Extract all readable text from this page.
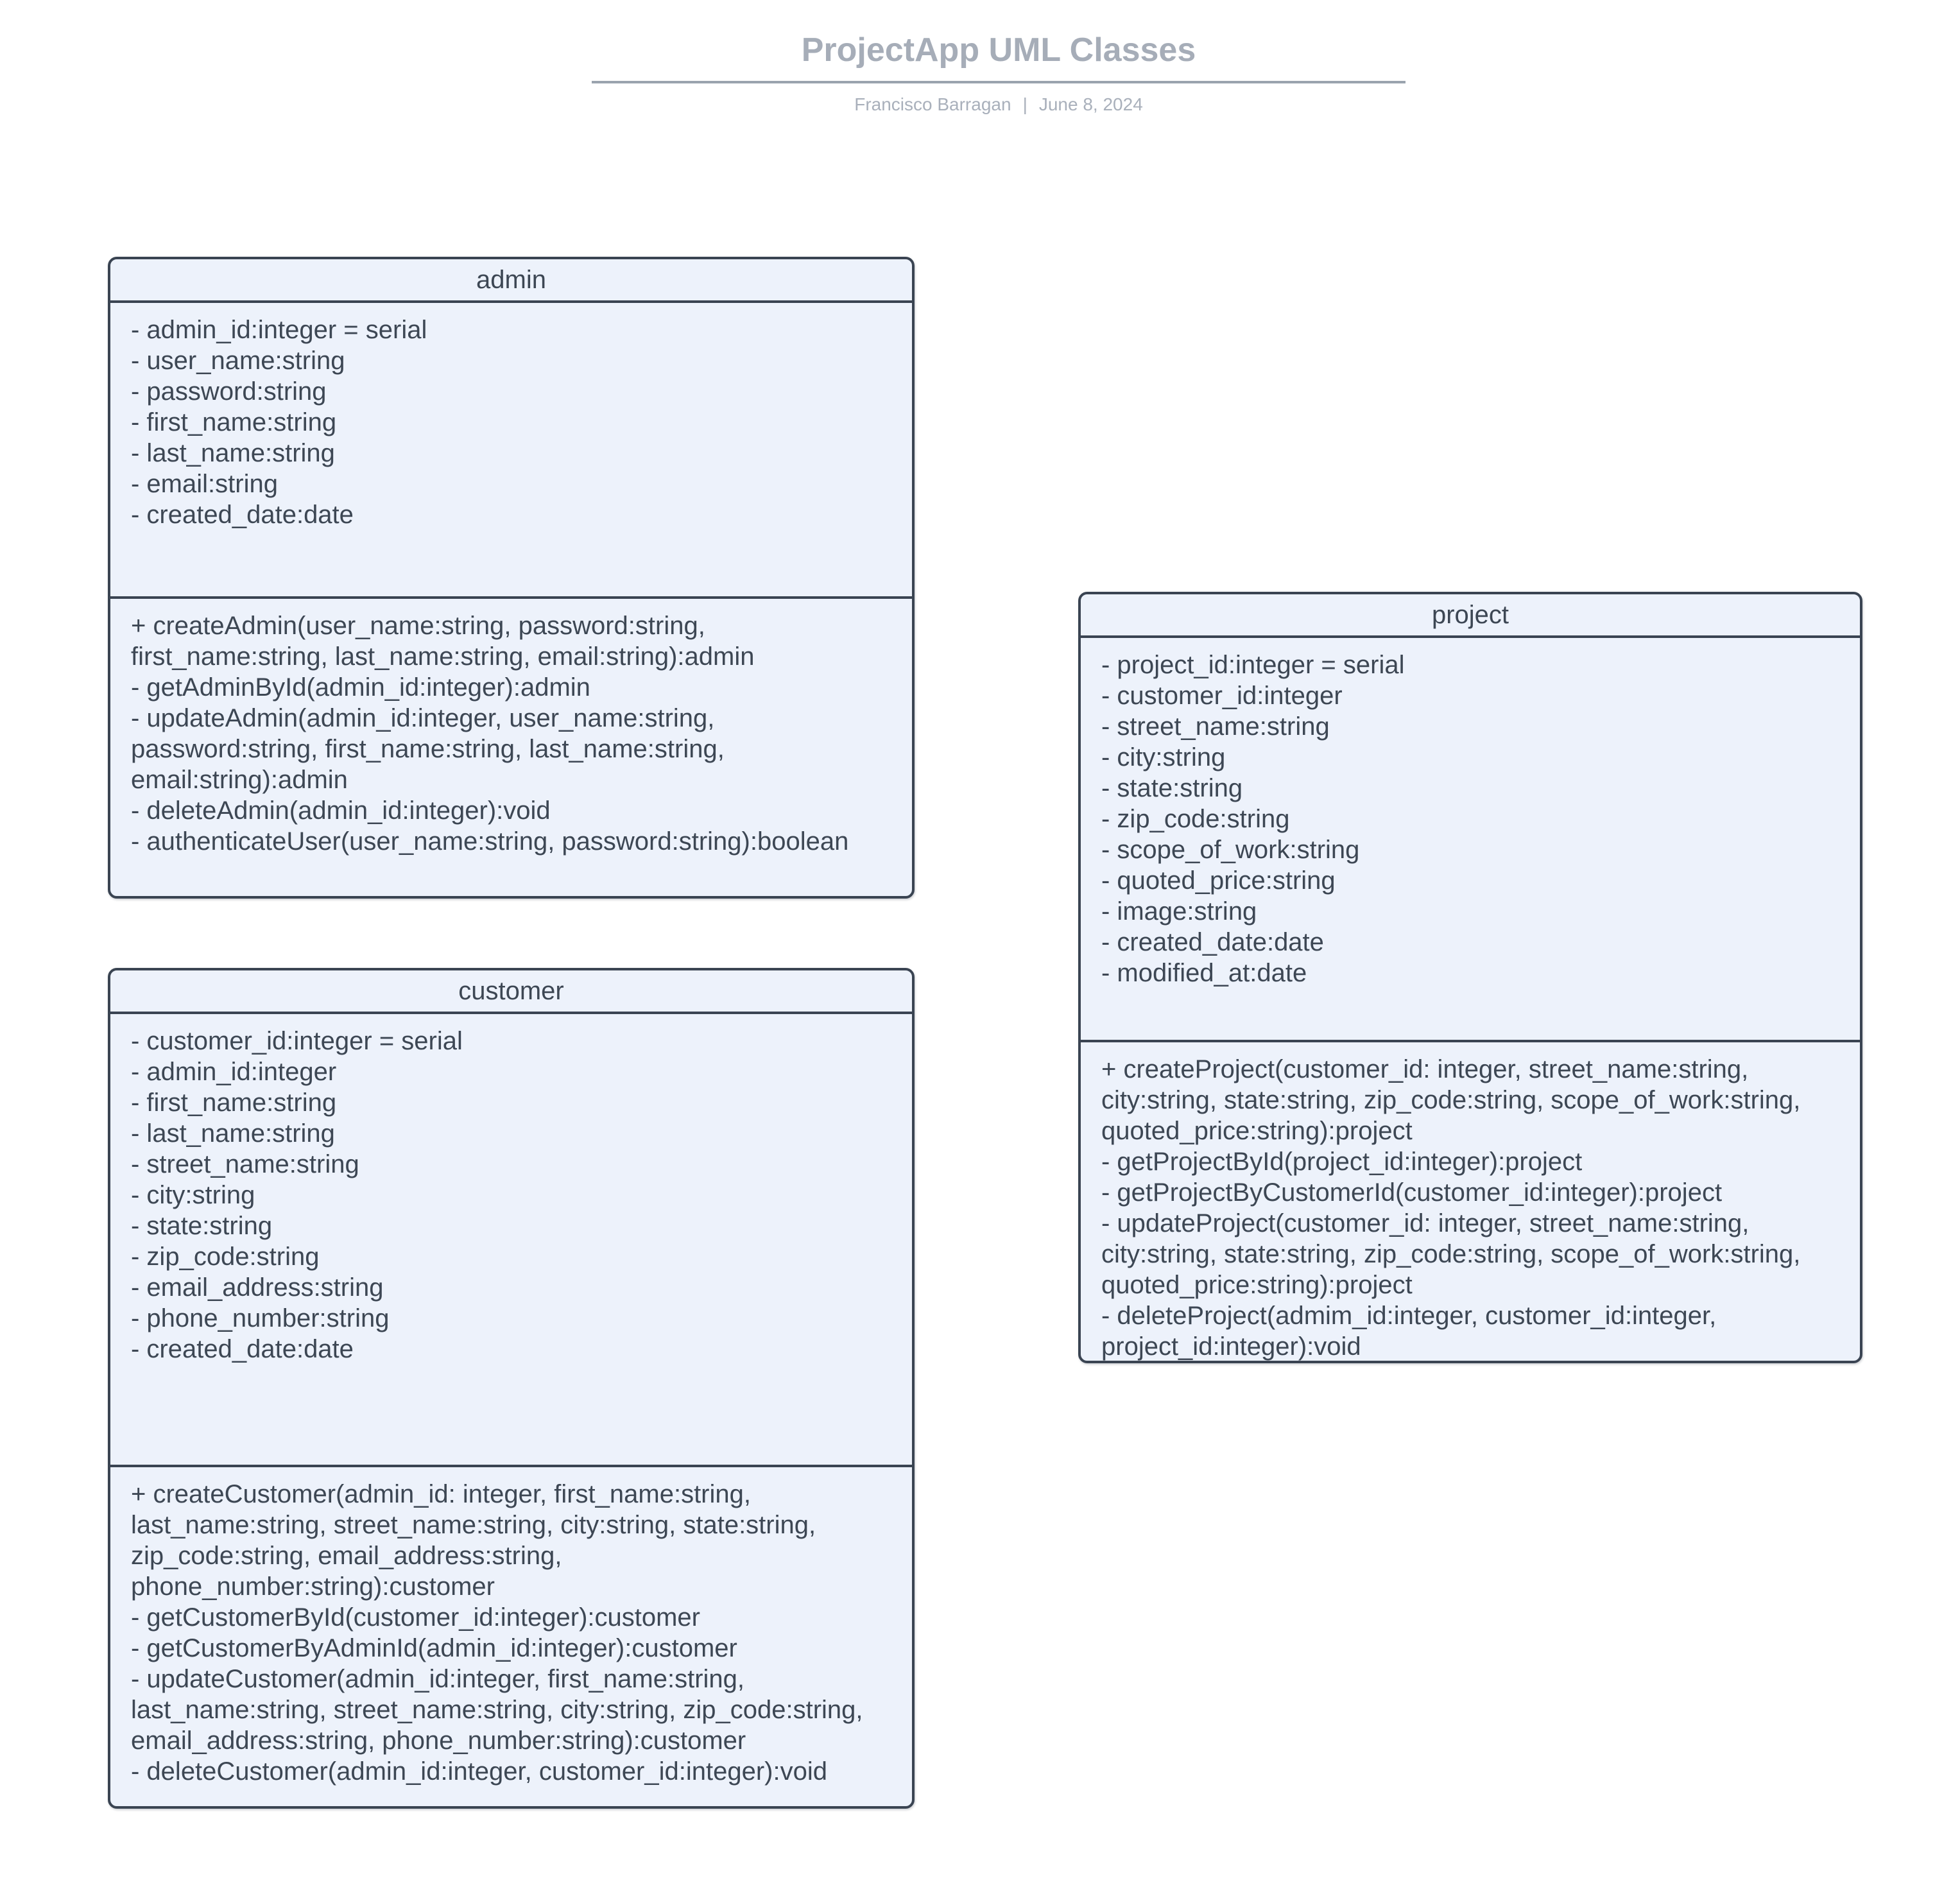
ProjectApp UML Classes
Francisco Barragan | June 8, 2024
admin
- admin_id:integer = serial
- user_name:string
- password:string
- first_name:string
- last_name:string
- email:string
- created_date:date
+ createAdmin(user_name:string, password:string, first_name:string, last_name:string, email:string):admin
- getAdminById(admin_id:integer):admin
- updateAdmin(admin_id:integer, user_name:string, password:string, first_name:string, last_name:string, email:string):admin
- deleteAdmin(admin_id:integer):void
- authenticateUser(user_name:string, password:string):boolean
customer
- customer_id:integer = serial
- admin_id:integer
- first_name:string
- last_name:string
- street_name:string
- city:string
- state:string
- zip_code:string
- email_address:string
- phone_number:string
- created_date:date
+ createCustomer(admin_id: integer, first_name:string, last_name:string, street_name:string, city:string, state:string, zip_code:string, email_address:string, phone_number:string):customer
- getCustomerById(customer_id:integer):customer
- getCustomerByAdminId(admin_id:integer):customer
- updateCustomer(admin_id:integer, first_name:string, last_name:string, street_name:string, city:string, zip_code:string, email_address:string, phone_number:string):customer
- deleteCustomer(admin_id:integer, customer_id:integer):void
project
- project_id:integer = serial
- customer_id:integer
- street_name:string
- city:string
- state:string
- zip_code:string
- scope_of_work:string
- quoted_price:string
- image:string
- created_date:date
- modified_at:date
+ createProject(customer_id: integer, street_name:string, city:string, state:string, zip_code:string, scope_of_work:string, quoted_price:string):project
- getProjectById(project_id:integer):project
- getProjectByCustomerId(customer_id:integer):project
- updateProject(customer_id: integer, street_name:string, city:string, state:string, zip_code:string, scope_of_work:string, quoted_price:string):project
- deleteProject(admim_id:integer, customer_id:integer, project_id:integer):void
